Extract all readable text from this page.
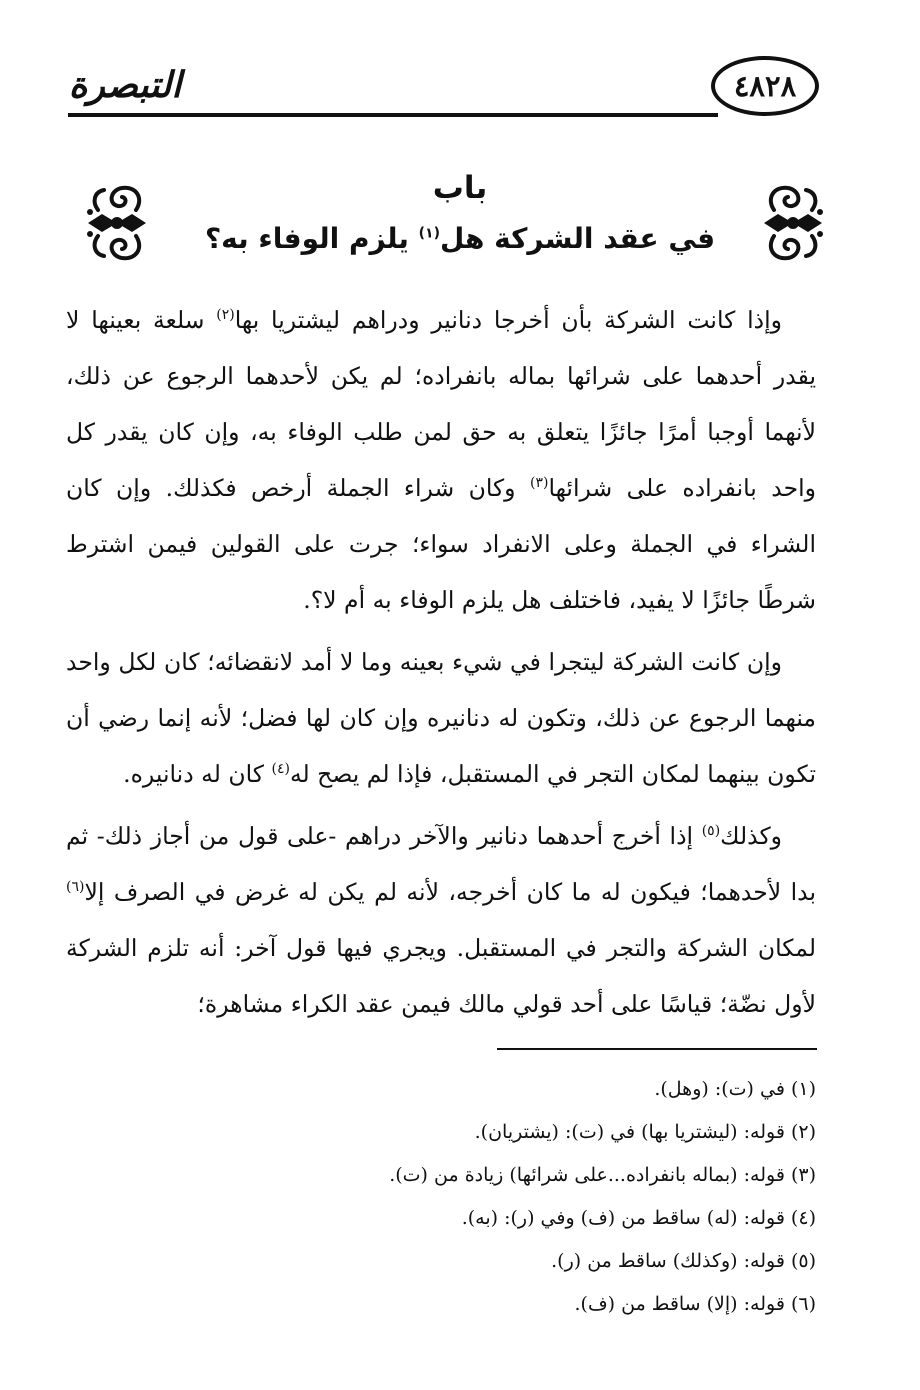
٤٨٢٨
التبصرة
باب
في عقد الشركة هل$^{(١)}$ يلزم الوفاء به؟

وإذا كانت الشركة بأن أخرجا دنانير ودراهم ليشتريا بها$^{(٢)}$ سلعة بعينها لا يقدر أحدهما على شرائها بماله بانفراده؛ لم يكن لأحدهما الرجوع عن ذلك، لأنهما أوجبا أمرًا جائزًا يتعلق به حق لمن طلب الوفاء به، وإن كان يقدر كل واحد بانفراده على شرائها$^{(٣)}$ وكان شراء الجملة أرخص فكذلك. وإن كان الشراء في الجملة وعلى الانفراد سواء؛ جرت على القولين فيمن اشترط شرطًا جائزًا لا يفيد، فاختلف هل يلزم الوفاء به أم لا؟.

وإن كانت الشركة ليتجرا في شيء بعينه وما لا أمد لانقضائه؛ كان لكل واحد منهما الرجوع عن ذلك، وتكون له دنانيره وإن كان لها فضل؛ لأنه إنما رضي أن تكون بينهما لمكان التجر في المستقبل، فإذا لم يصح له$^{(٤)}$ كان له دنانيره.

وكذلك$^{(٥)}$ إذا أخرج أحدهما دنانير والآخر دراهم -على قول من أجاز ذلك- ثم بدا لأحدهما؛ فيكون له ما كان أخرجه، لأنه لم يكن له غرض في الصرف إلا$^{(٦)}$ لمكان الشركة والتجر في المستقبل. ويجري فيها قول آخر: أنه تلزم الشركة لأول نضّة؛ قياسًا على أحد قولي مالك فيمن عقد الكراء مشاهرة؛

(١) في (ت): (وهل).
(٢) قوله: (ليشتريا بها) في (ت): (يشتريان).
(٣) قوله: (بماله بانفراده...على شرائها) زيادة من (ت).
(٤) قوله: (له) ساقط من (ف) وفي (ر): (به).
(٥) قوله: (وكذلك) ساقط من (ر).
(٦) قوله: (إلا) ساقط من (ف).
